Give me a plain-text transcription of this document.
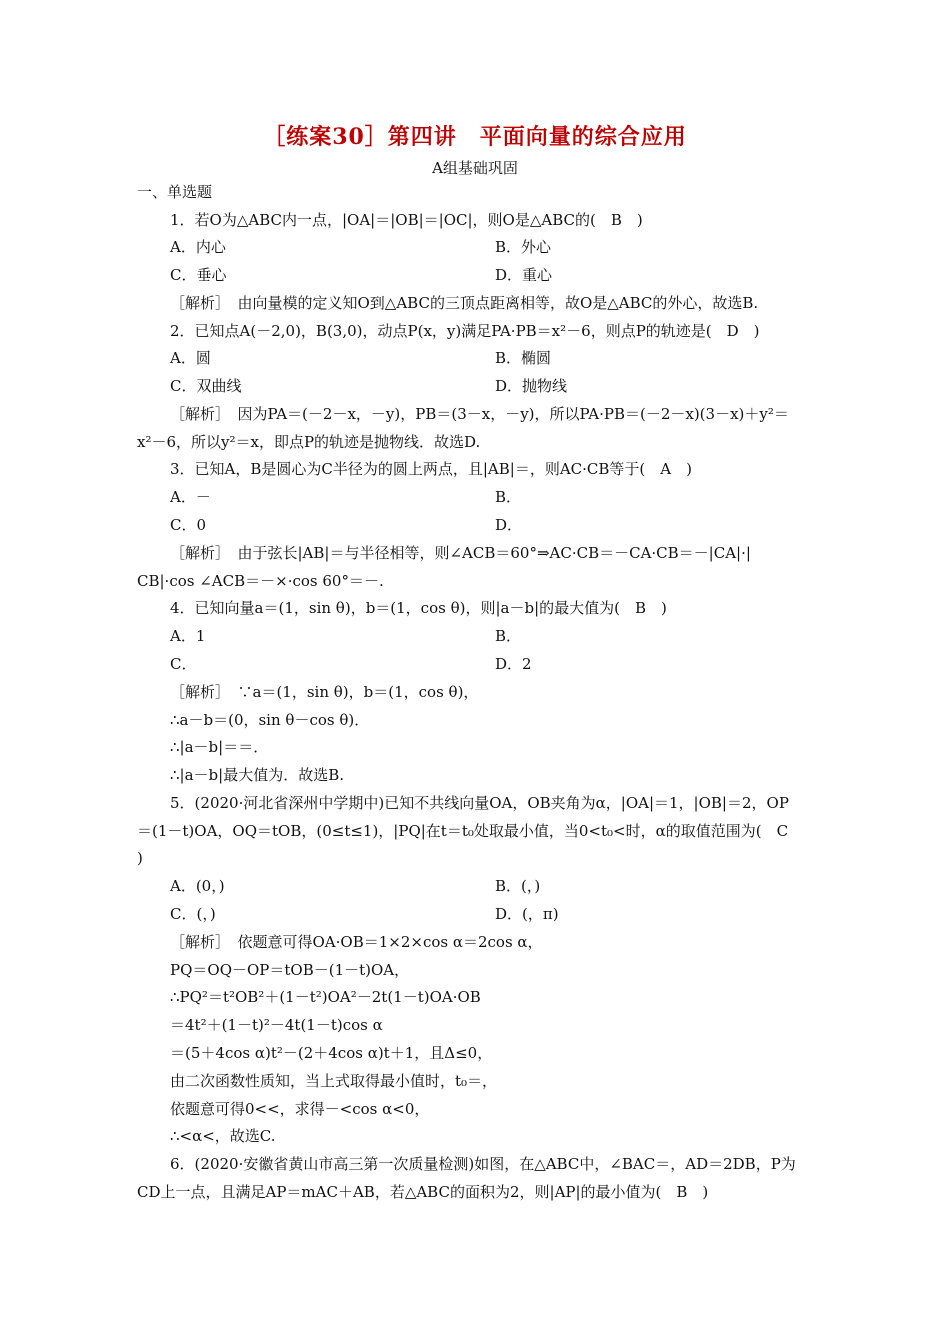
［练案30］第四讲　平面向量的综合应用
A组基础巩固
一、单选题
1．若O为△ABC内一点，|OA|＝|OB|＝|OC|，则O是△ABC的(　B　)
A．内心	B．外心
C．垂心	D．重心
［解析］　由向量模的定义知O到△ABC的三顶点距离相等，故O是△ABC的外心，故选B.
2．已知点A(－2,0)，B(3,0)，动点P(x，y)满足PA·PB＝x²－6，则点P的轨迹是(　D　)
A．圆	B．椭圆
C．双曲线	D．抛物线
［解析］　因为PA＝(－2－x，－y)，PB＝(3－x，－y)，所以PA·PB＝(－2－x)(3－x)＋y²＝
x²－6，所以y²＝x，即点P的轨迹是抛物线．故选D.
3．已知A，B是圆心为C半径为的圆上两点，且|AB|＝，则AC·CB等于(　A　)
A．－	B．
C．0	D．
［解析］　由于弦长|AB|＝与半径相等，则∠ACB＝60°⇒AC·CB＝－CA·CB＝－|CA|·|
CB|·cos ∠ACB＝－×·cos 60°＝－.
4．已知向量a＝(1，sin θ)，b＝(1，cos θ)，则|a－b|的最大值为(　B　)
A．1	B．
C．	D．2
［解析］　∵a＝(1，sin θ)，b＝(1，cos θ)，
∴a－b＝(0，sin θ－cos θ)．
∴|a－b|＝＝．
∴|a－b|最大值为．故选B.
5．(2020·河北省深州中学期中)已知不共线向量OA，OB夹角为α，|OA|＝1，|OB|＝2，OP
＝(1－t)OA，OQ＝tOB，(0≤t≤1)，|PQ|在t＝t₀处取最小值，当0<t₀<时，α的取值范围为(　C
)
A．(0，)	B．(，)
C．(，)	D．(，π)
［解析］　依题意可得OA·OB＝1×2×cos α＝2cos α，
PQ＝OQ－OP＝tOB－(1－t)OA，
∴PQ²＝t²OB²＋(1－t²)OA²－2t(1－t)OA·OB
＝4t²＋(1－t)²－4t(1－t)cos α
＝(5＋4cos α)t²－(2＋4cos α)t＋1，且Δ≤0，
由二次函数性质知，当上式取得最小值时，t₀＝，
依题意可得0<<，求得－<cos α<0，
∴<α<，故选C.
6．(2020·安徽省黄山市高三第一次质量检测)如图，在△ABC中，∠BAC＝，AD＝2DB，P为
CD上一点，且满足AP＝mAC＋AB，若△ABC的面积为2，则|AP|的最小值为(　B　)
